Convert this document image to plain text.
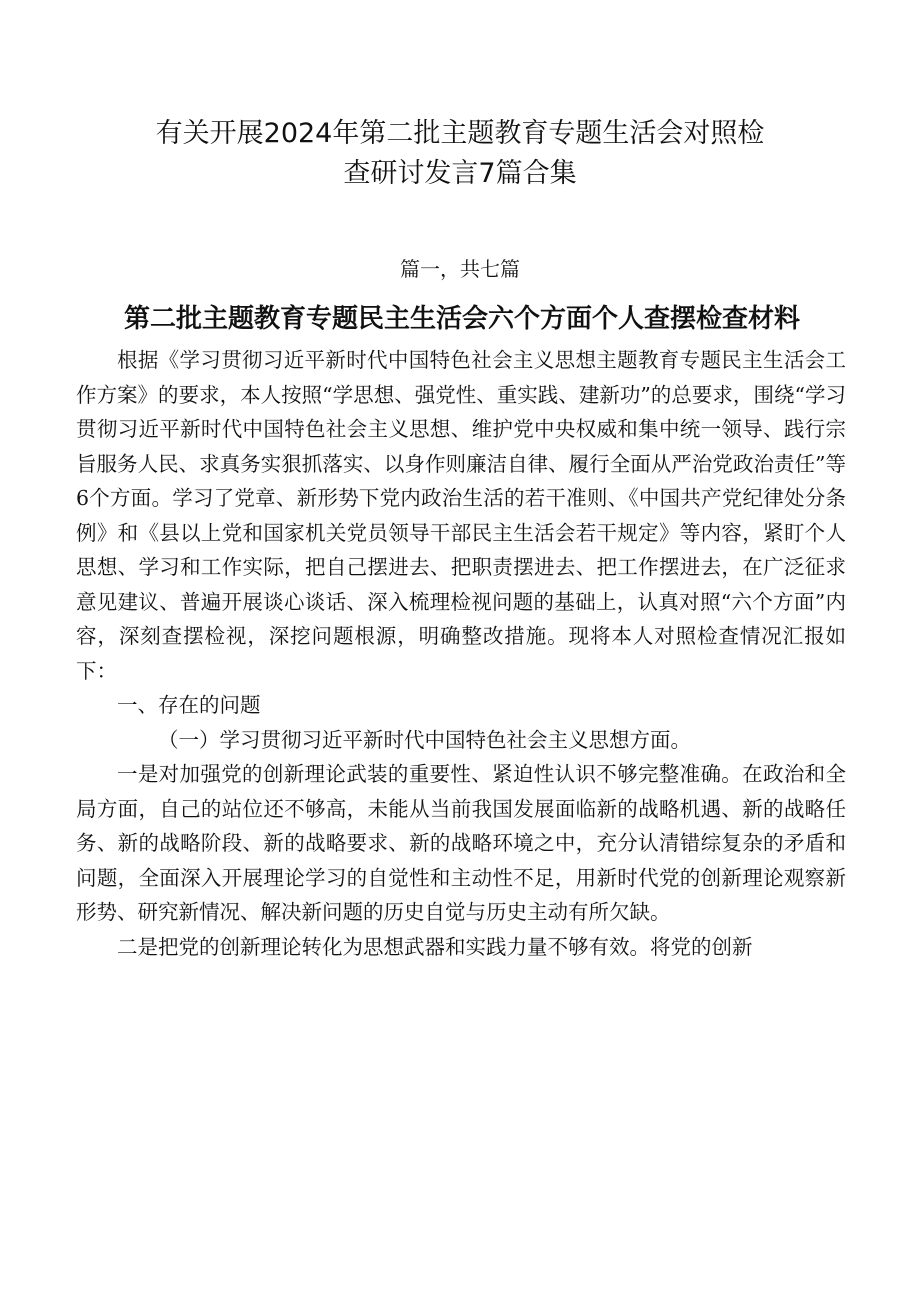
有关开展2024年第二批主题教育专题生活会对照检
查研讨发言7篇合集

篇一，共七篇

第二批主题教育专题民主生活会六个方面个人查摆检查材料

根据《学习贯彻习近平新时代中国特色社会主义思想主题教育专题民主生活会工作方案》的要求，本人按照“学思想、强党性、重实践、建新功”的总要求，围绕“学习贯彻习近平新时代中国特色社会主义思想、维护党中央权威和集中统一领导、践行宗旨服务人民、求真务实狠抓落实、以身作则廉洁自律、履行全面从严治党政治责任”等6个方面。学习了党章、新形势下党内政治生活的若干准则、《中国共产党纪律处分条例》和《县以上党和国家机关党员领导干部民主生活会若干规定》等内容，紧盯个人思想、学习和工作实际，把自己摆进去、把职责摆进去、把工作摆进去，在广泛征求意见建议、普遍开展谈心谈话、深入梳理检视问题的基础上，认真对照“六个方面”内容，深刻查摆检视，深挖问题根源，明确整改措施。现将本人对照检查情况汇报如下：

一、存在的问题

（一）学习贯彻习近平新时代中国特色社会主义思想方面。

一是对加强党的创新理论武装的重要性、紧迫性认识不够完整准确。在政治和全局方面，自己的站位还不够高，未能从当前我国发展面临新的战略机遇、新的战略任务、新的战略阶段、新的战略要求、新的战略环境之中，充分认清错综复杂的矛盾和问题，全面深入开展理论学习的自觉性和主动性不足，用新时代党的创新理论观察新形势、研究新情况、解决新问题的历史自觉与历史主动有所欠缺。

二是把党的创新理论转化为思想武器和实践力量不够有效。将党的创新
